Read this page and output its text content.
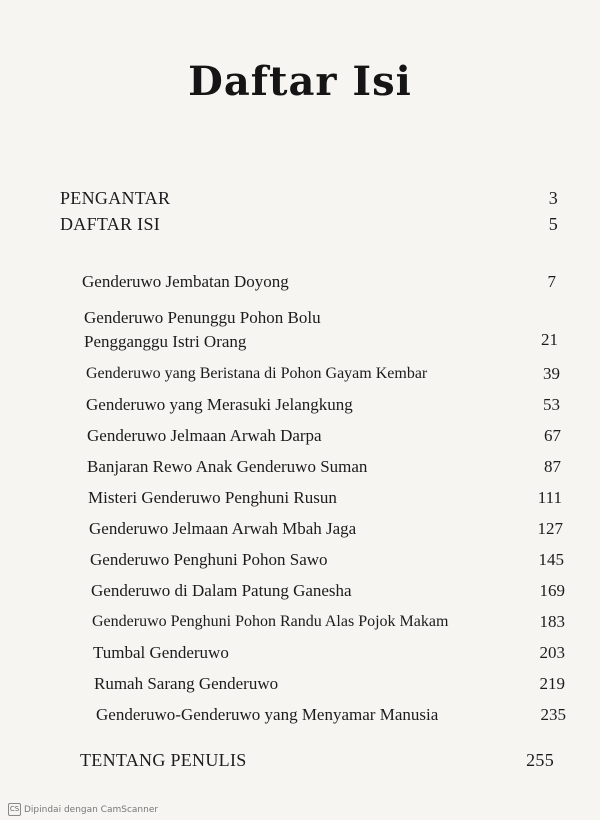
Daftar Isi
PENGANTAR	3
DAFTAR ISI	5
Genderuwo Jembatan Doyong	7
Genderuwo Penunggu Pohon Bolu
Pengganggu Istri Orang	21
Genderuwo yang Beristana di Pohon Gayam Kembar	39
Genderuwo yang Merasuki Jelangkung	53
Genderuwo Jelmaan Arwah Darpa	67
Banjaran Rewo Anak Genderuwo Suman	87
Misteri Genderuwo Penghuni Rusun	111
Genderuwo Jelmaan Arwah Mbah Jaga	127
Genderuwo Penghuni Pohon Sawo	145
Genderuwo di Dalam Patung Ganesha	169
Genderuwo Penghuni Pohon Randu Alas Pojok Makam	183
Tumbal Genderuwo	203
Rumah Sarang Genderuwo	219
Genderuwo-Genderuwo yang Menyamar Manusia	235
TENTANG PENULIS	255
CS Dipindai dengan CamScanner
